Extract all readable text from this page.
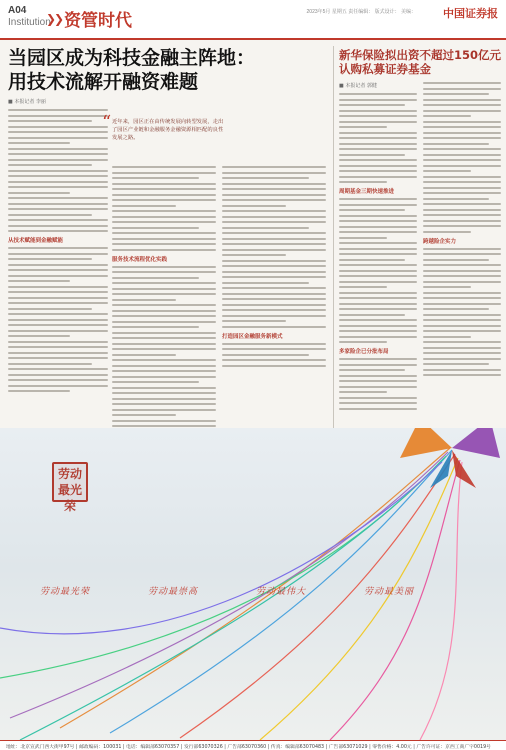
A04
Institution
❯❯ 资管时代	2023年5月 星期五 责任编辑： 版式设计： 美编： 中国证券报
当园区成为科技金融主阵地：
用技术流解开融资难题
■ 本报记者 李丽
从技术赋能到金融赋能
“ 近年来，园区正在由传统发展向转型发展，走出了园区产业链和金融服务金融资源相匹配的良性发展之路。
服务技术流程优化实践
打造园区金融服务新模式
新华保险拟出资不超过150亿元
认购私募证券基金
■ 本报记者 郭健
周期基金三期快速推进
多家险企已分批布局
跨越险企实力
劳动最光荣
劳动最光荣	劳动最崇高	劳动最伟大	劳动最美丽
地址：北京宣武门西大街甲97号 | 邮政编码：100031 | 电话：编辑部63070357 | 发行部63070326 | 广告部63070360 | 传真：编辑部63070483 | 广告部63071029 | 零售价格：4.00元 | 广告许可证：京西工商广字0019号
